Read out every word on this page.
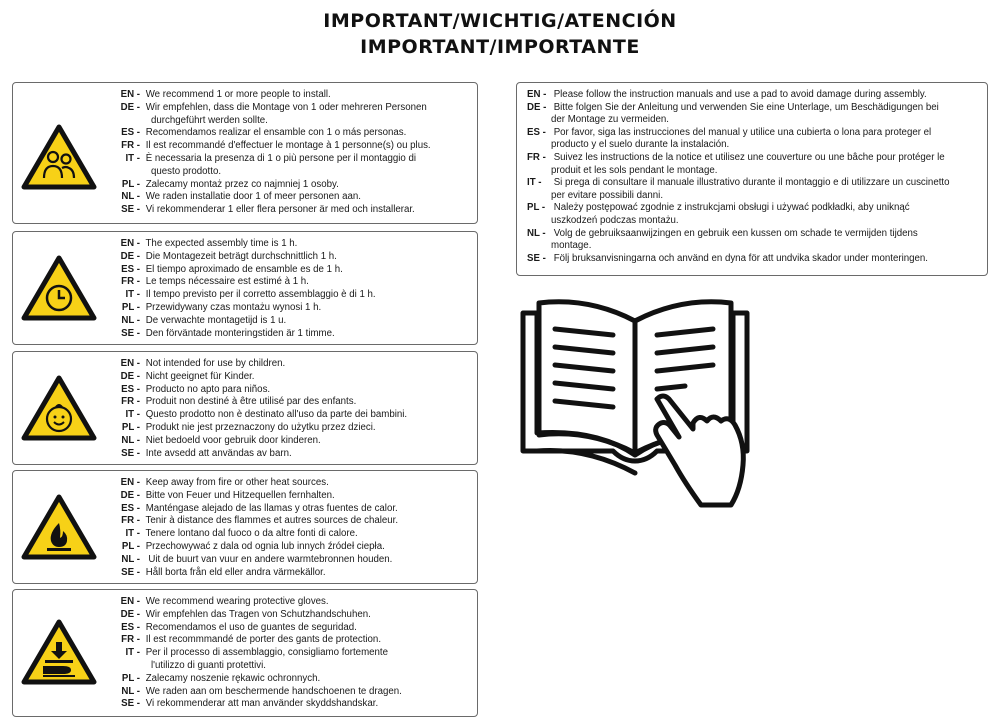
IMPORTANT/WICHTIG/ATENCIÓN
IMPORTANT/IMPORTANTE
EN - We recommend 1 or more people to install.
DE - Wir empfehlen, dass die Montage von 1 oder mehreren Personen
durchgeführt werden sollte.
ES - Recomendamos realizar el ensamble con 1 o más personas.
FR - Il est recommandé d'effectuer le montage à 1 personne(s) ou plus.
IT - È necessaria la presenza di 1 o più persone per il montaggio di
questo prodotto.
PL - Zalecamy montaż przez co najmniej 1 osoby.
NL - We raden installatie door 1 of meer personen aan.
SE - Vi rekommenderar 1 eller flera personer är med och installerar.
EN - The expected assembly time is 1 h.
DE - Die Montagezeit beträgt durchschnittlich 1 h.
ES - El tiempo aproximado de ensamble es de 1 h.
FR - Le temps nécessaire est estimé à 1 h.
IT - Il tempo previsto per il corretto assemblaggio è di 1 h.
PL - Przewidywany czas montażu wynosi 1 h.
NL - De verwachte montagetijd is 1 u.
SE - Den förväntade monteringstiden är 1 timme.
EN - Not intended for use by children.
DE - Nicht geeignet für Kinder.
ES - Producto no apto para niños.
FR - Produit non destiné à être utilisé par des enfants.
IT - Questo prodotto non è destinato all'uso da parte dei bambini.
PL - Produkt nie jest przeznaczony do użytku przez dzieci.
NL - Niet bedoeld voor gebruik door kinderen.
SE - Inte avsedd att användas av barn.
EN - Keep away from fire or other heat sources.
DE - Bitte von Feuer und Hitzequellen fernhalten.
ES - Manténgase alejado de las llamas y otras fuentes de calor.
FR - Tenir à distance des flammes et autres sources de chaleur.
IT - Tenere lontano dal fuoco o da altre fonti di calore.
PL - Przechowywać z dala od ognia lub innych źródeł ciepła.
NL - Uit de buurt van vuur en andere warmtebronnen houden.
SE - Håll borta från eld eller andra värmekällor.
EN - We recommend wearing protective gloves.
DE - Wir empfehlen das Tragen von Schutzhandschuhen.
ES - Recomendamos el uso de guantes de seguridad.
FR - Il est recommmandé de porter des gants de protection.
IT - Per il processo di assemblaggio, consigliamo fortemente
l'utilizzo di guanti protettivi.
PL - Zalecamy noszenie rękawic ochronnych.
NL - We raden aan om beschermende handschoenen te dragen.
SE - Vi rekommenderar att man använder skyddshandskar.
EN - Please follow the instruction manuals and use a pad to avoid damage during assembly.
DE - Bitte folgen Sie der Anleitung und verwenden Sie eine Unterlage, um Beschädigungen bei
der Montage zu vermeiden.
ES - Por favor, siga las instrucciones del manual y utilice una cubierta o lona para proteger el
producto y el suelo durante la instalación.
FR - Suivez les instructions de la notice et utilisez une couverture ou une bâche pour protéger le
produit et les sols pendant le montage.
IT - Si prega di consultare il manuale illustrativo durante il montaggio e di utilizzare un cuscinetto
per evitare possibili danni.
PL - Należy postępować zgodnie z instrukcjami obsługi i używać podkładki, aby uniknąć
uszkodzeń podczas montażu.
NL - Volg de gebruiksaanwijzingen en gebruik een kussen om schade te vermijden tijdens
montage.
SE - Följ bruksanvisningarna och använd en dyna för att undvika skador under monteringen.
